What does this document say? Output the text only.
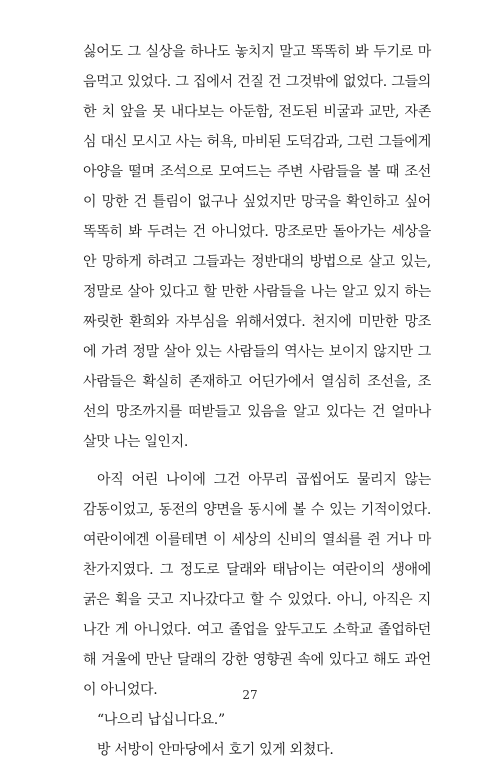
싫어도 그 실상을 하나도 놓치지 말고 똑똑히 봐 두기로 마
음먹고 있었다. 그 집에서 건질 건 그것밖에 없었다. 그들의
한 치 앞을 못 내다보는 아둔함, 전도된 비굴과 교만, 자존
심 대신 모시고 사는 허욕, 마비된 도덕감과, 그런 그들에게
아양을 떨며 조석으로 모여드는 주변 사람들을 볼 때 조선
이 망한 건 틀림이 없구나 싶었지만 망국을 확인하고 싶어
똑똑히 봐 두려는 건 아니었다. 망조로만 돌아가는 세상을
안 망하게 하려고 그들과는 정반대의 방법으로 살고 있는,
정말로 살아 있다고 할 만한 사람들을 나는 알고 있지 하는
짜릿한 환희와 자부심을 위해서였다. 천지에 미만한 망조
에 가려 정말 살아 있는 사람들의 역사는 보이지 않지만 그
사람들은 확실히 존재하고 어딘가에서 열심히 조선을, 조
선의 망조까지를 떠받들고 있음을 알고 있다는 건 얼마나
살맛 나는 일인지.
아직 어린 나이에 그건 아무리 곱씹어도 물리지 않는
감동이었고, 동전의 양면을 동시에 볼 수 있는 기적이었다.
여란이에겐 이를테면 이 세상의 신비의 열쇠를 쥔 거나 마
찬가지였다. 그 정도로 달래와 태남이는 여란이의 생애에
굵은 획을 긋고 지나갔다고 할 수 있었다. 아니, 아직은 지
나간 게 아니었다. 여고 졸업을 앞두고도 소학교 졸업하던
해 겨울에 만난 달래의 강한 영향권 속에 있다고 해도 과언
이 아니었다.
“나으리 납십니다요.”
방 서방이 안마당에서 호기 있게 외쳤다.
27
